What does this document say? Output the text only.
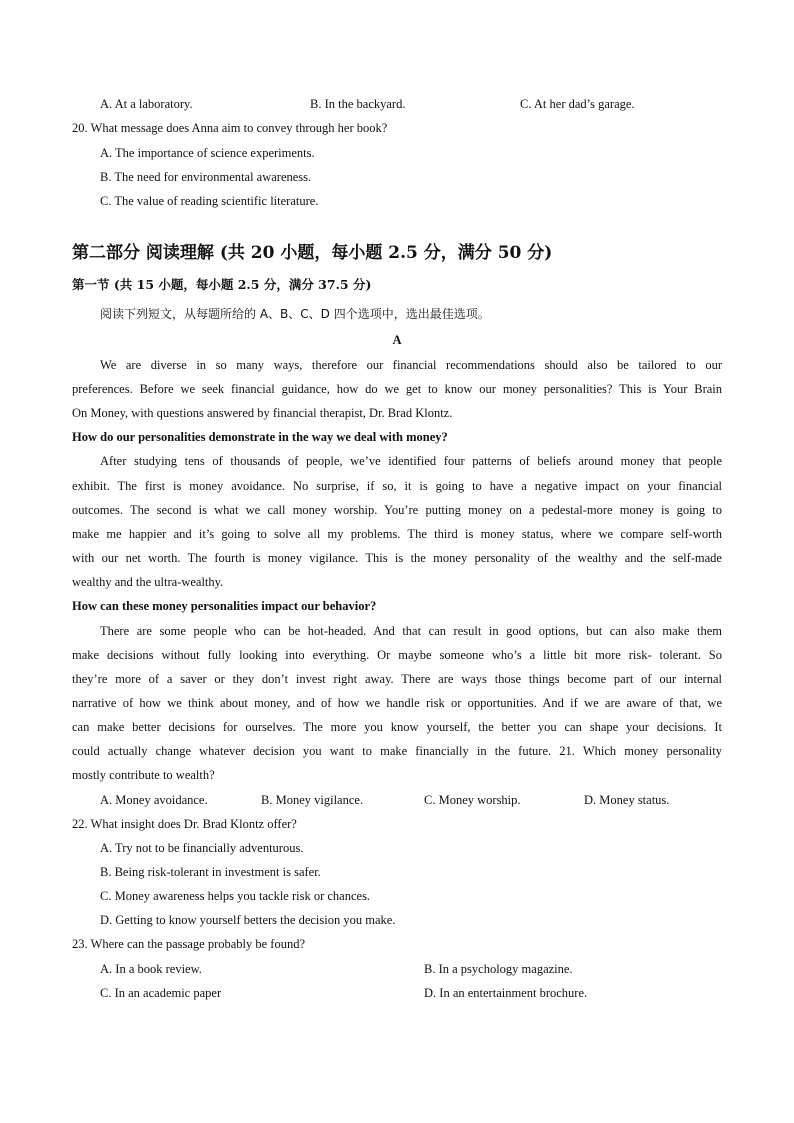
A. At a laboratory.	B. In the backyard.	C. At her dad’s garage.
20. What message does Anna aim to convey through her book?
A. The importance of science experiments.
B. The need for environmental awareness.
C. The value of reading scientific literature.
第二部分 阅读理解 (共 20 小题，每小题 2.5 分，满分 50 分)
第一节 (共 15 小题，每小题 2.5 分，满分 37.5 分)
阅读下列短文，从每题所给的 A、B、C、D 四个选项中，选出最佳选项。
A
We are diverse in so many ways, therefore our financial recommendations should also be tailored to our
preferences. Before we seek financial guidance, how do we get to know our money personalities? This is Your Brain
On Money, with questions answered by financial therapist, Dr. Brad Klontz.
How do our personalities demonstrate in the way we deal with money?
After studying tens of thousands of people, we’ve identified four patterns of beliefs around money that people
exhibit. The first is money avoidance. No surprise, if so, it is going to have a negative impact on your financial
outcomes. The second is what we call money worship. You’re putting money on a pedestal-more money is going to
make me happier and it’s going to solve all my problems. The third is money status, where we compare self-worth
with our net worth. The fourth is money vigilance. This is the money personality of the wealthy and the self-made
wealthy and the ultra-wealthy.
How can these money personalities impact our behavior?
There are some people who can be hot-headed. And that can result in good options, but can also make them
make decisions without fully looking into everything. Or maybe someone who’s a little bit more risk- tolerant. So
they’re more of a saver or they don’t invest right away. There are ways those things become part of our internal
narrative of how we think about money, and of how we handle risk or opportunities. And if we are aware of that, we
can make better decisions for ourselves. The more you know yourself, the better you can shape your decisions. It
could actually change whatever decision you want to make financially in the future. 21. Which money personality
mostly contribute to wealth?
A. Money avoidance.	B. Money vigilance.	C. Money worship.	D. Money status.
22. What insight does Dr. Brad Klontz offer?
A. Try not to be financially adventurous.
B. Being risk-tolerant in investment is safer.
C. Money awareness helps you tackle risk or chances.
D. Getting to know yourself betters the decision you make.
23. Where can the passage probably be found?
A. In a book review.	B. In a psychology magazine.
C. In an academic paper	D. In an entertainment brochure.
